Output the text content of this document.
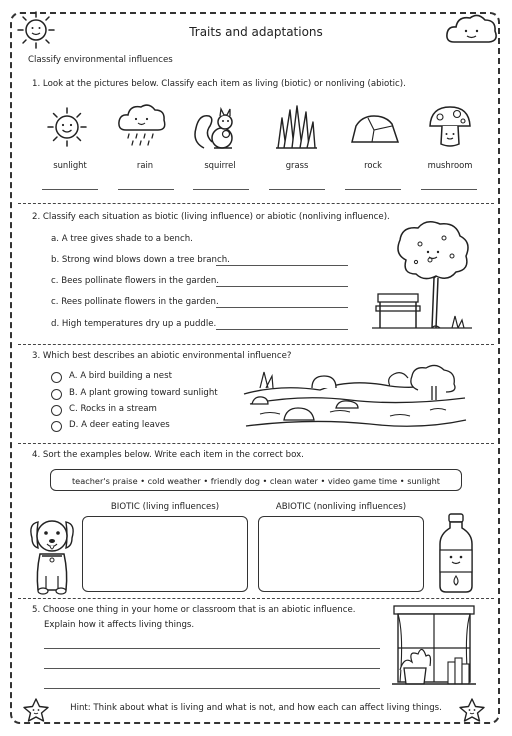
Traits and adaptations
Classify environmental influences
1. Look at the pictures below. Classify each item as living (biotic) or nonliving (abiotic).
sunlight	rain	squirrel	grass	rock	mushroom
2. Classify each situation as biotic (living influence) or abiotic (nonliving influence).
a. A tree gives shade to a bench.
b. Strong wind blows down a tree branch.
c. Bees pollinate flowers in the garden.
c. Rees pollinate flowers in the garden.
d. High temperatures dry up a puddle.
3. Which best describes an abiotic environmental influence?
A. A bird building a nest
B. A plant growing toward sunlight
C. Rocks in a stream
D. A deer eating leaves
4. Sort the examples below. Write each item in the correct box.
teacher's praise • cold weather • friendly dog • clean water • video game time • sunlight
BIOTIC (living influences)	ABIOTIC (nonliving influences)
5. Choose one thing in your home or classroom that is an abiotic influence.
Explain how it affects living things.
Hint: Think about what is living and what is not, and how each can affect living things.
